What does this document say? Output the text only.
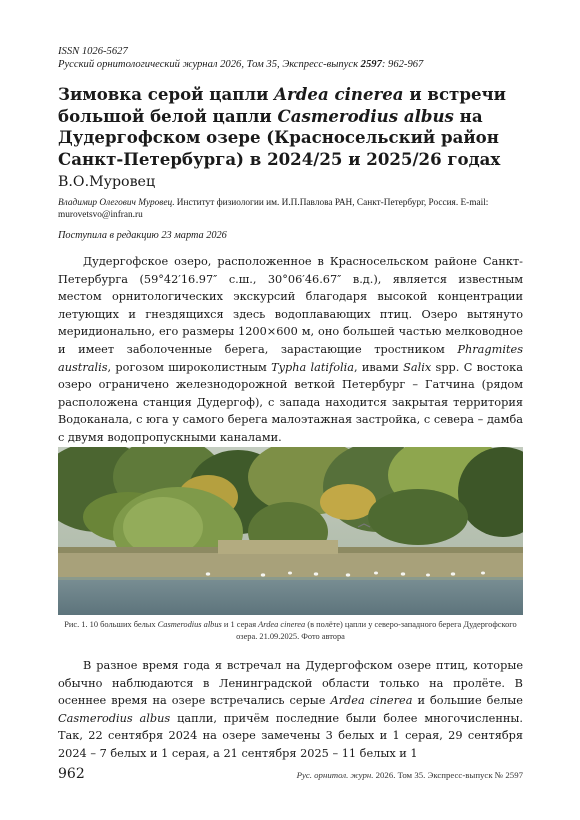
ISSN 1026-5627
Русский орнитологический журнал 2026, Том 35, Экспресс-выпуск 2597: 962-967
Зимовка серой цапли Ardea cinerea и встречи большой белой цапли Casmerodius albus на Дудергофском озере (Красносельский район Санкт-Петербурга) в 2024/25 и 2025/26 годах
В.О.Муровец
Владимир Олегович Муровец. Институт физиологии им. И.П.Павлова РАН, Санкт-Петербург, Россия. E-mail: murovetsvo@infran.ru
Поступила в редакцию 23 марта 2026

Дудергофское озеро, расположенное в Красносельском районе Санкт-Петербурга (59°42′16.97″ с.ш., 30°06′46.67″ в.д.), является известным местом орнитологических экскурсий благодаря высокой концентрации летующих и гнездящихся здесь водоплавающих птиц. Озеро вытянуто меридионально, его размеры 1200×600 м, оно большей частью мелководное и имеет заболоченные берега, зарастающие тростником Phragmites australis, рогозом широколистным Typha latifolia, ивами Salix spp. С востока озеро ограничено железнодорожной веткой Петербург – Гатчина (рядом расположена станция Дудергоф), с запада находится закрытая территория Водоканала, с юга у самого берега малоэтажная застройка, с севера – дамба с двумя водопропускными каналами.

Рис. 1. 10 больших белых Casmerodius albus и 1 серая Ardea cinerea (в полёте) цапли у северо-западного берега Дудергофского озера. 21.09.2025. Фото автора

В разное время года я встречал на Дудергофском озере птиц, которые обычно наблюдаются в Ленинградской области только на пролёте. В осеннее время на озере встречались серые Ardea cinerea и большие белые Casmerodius albus цапли, причём последние были более многочисленны. Так, 22 сентября 2024 на озере замечены 3 белых и 1 серая, 29 сентября 2024 – 7 белых и 1 серая, а 21 сентября 2025 – 11 белых и 1

962	Рус. орнитол. журн. 2026. Том 35. Экспресс-выпуск № 2597
